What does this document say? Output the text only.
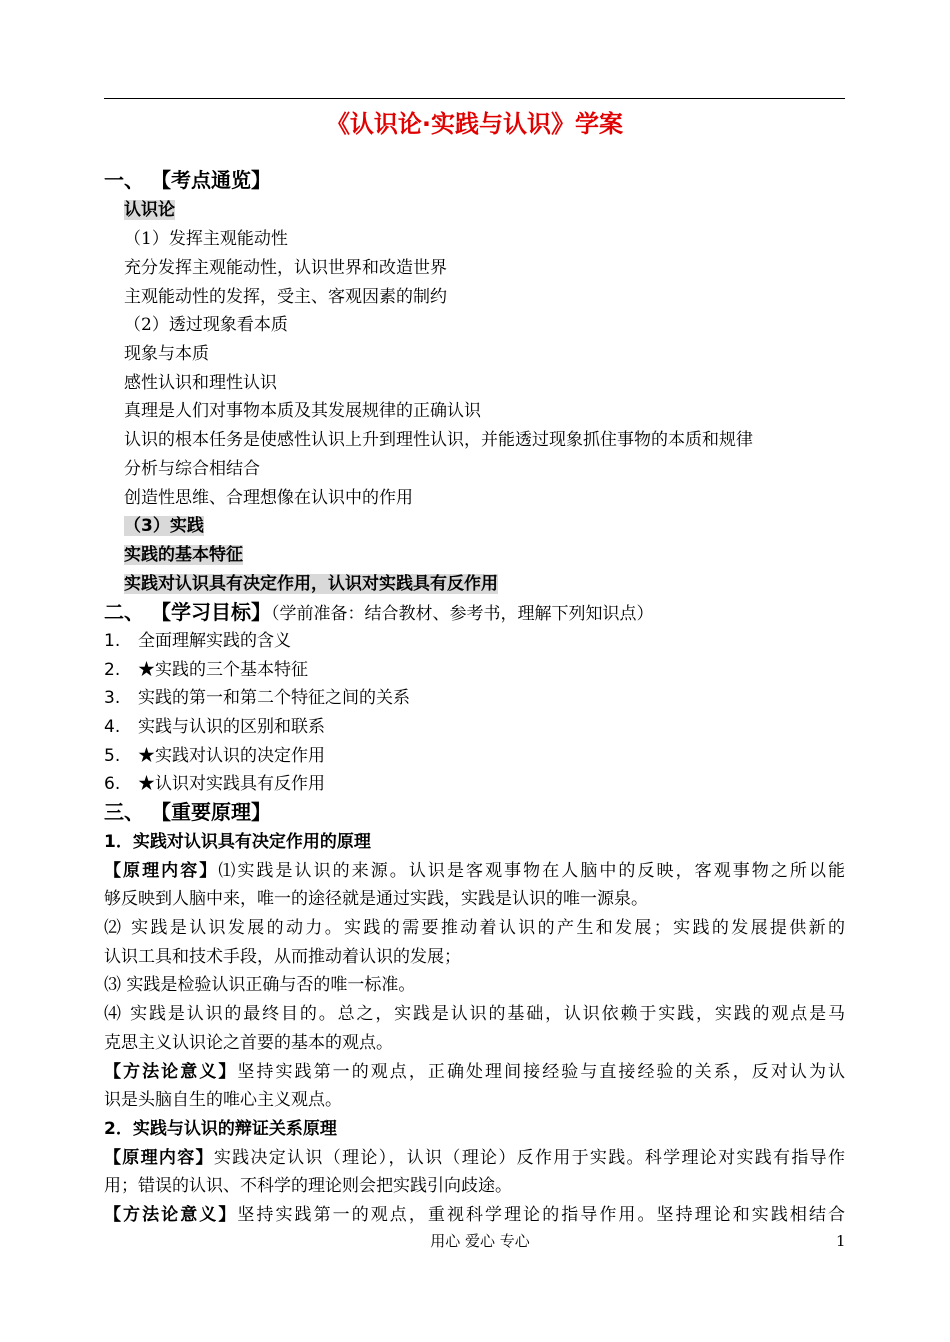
《认识论·实践与认识》学案
一、 【考点通览】
认识论
（1）发挥主观能动性
充分发挥主观能动性，认识世界和改造世界
主观能动性的发挥，受主、客观因素的制约
（2）透过现象看本质
现象与本质
感性认识和理性认识
真理是人们对事物本质及其发展规律的正确认识
认识的根本任务是使感性认识上升到理性认识，并能透过现象抓住事物的本质和规律
分析与综合相结合
创造性思维、合理想像在认识中的作用
（3）实践
实践的基本特征
实践对认识具有决定作用，认识对实践具有反作用
二、 【学习目标】（学前准备：结合教材、参考书，理解下列知识点）
1. 全面理解实践的含义
2. ★实践的三个基本特征
3. 实践的第一和第二个特征之间的关系
4. 实践与认识的区别和联系
5. ★实践对认识的决定作用
6. ★认识对实践具有反作用
三、 【重要原理】
1．实践对认识具有决定作用的原理
【原理内容】⑴实践是认识的来源。认识是客观事物在人脑中的反映，客观事物之所以能
够反映到人脑中来，唯一的途径就是通过实践，实践是认识的唯一源泉。
⑵ 实践是认识发展的动力。实践的需要推动着认识的产生和发展；实践的发展提供新的
认识工具和技术手段，从而推动着认识的发展；
⑶ 实践是检验认识正确与否的唯一标准。
⑷ 实践是认识的最终目的。总之，实践是认识的基础，认识依赖于实践，实践的观点是马
克思主义认识论之首要的基本的观点。
【方法论意义】坚持实践第一的观点，正确处理间接经验与直接经验的关系，反对认为认
识是头脑自生的唯心主义观点。
2．实践与认识的辩证关系原理
【原理内容】实践决定认识（理论），认识（理论）反作用于实践。科学理论对实践有指导作
用；错误的认识、不科学的理论则会把实践引向歧途。
【方法论意义】坚持实践第一的观点，重视科学理论的指导作用。坚持理论和实践相结合
用心 爱心 专心	1
